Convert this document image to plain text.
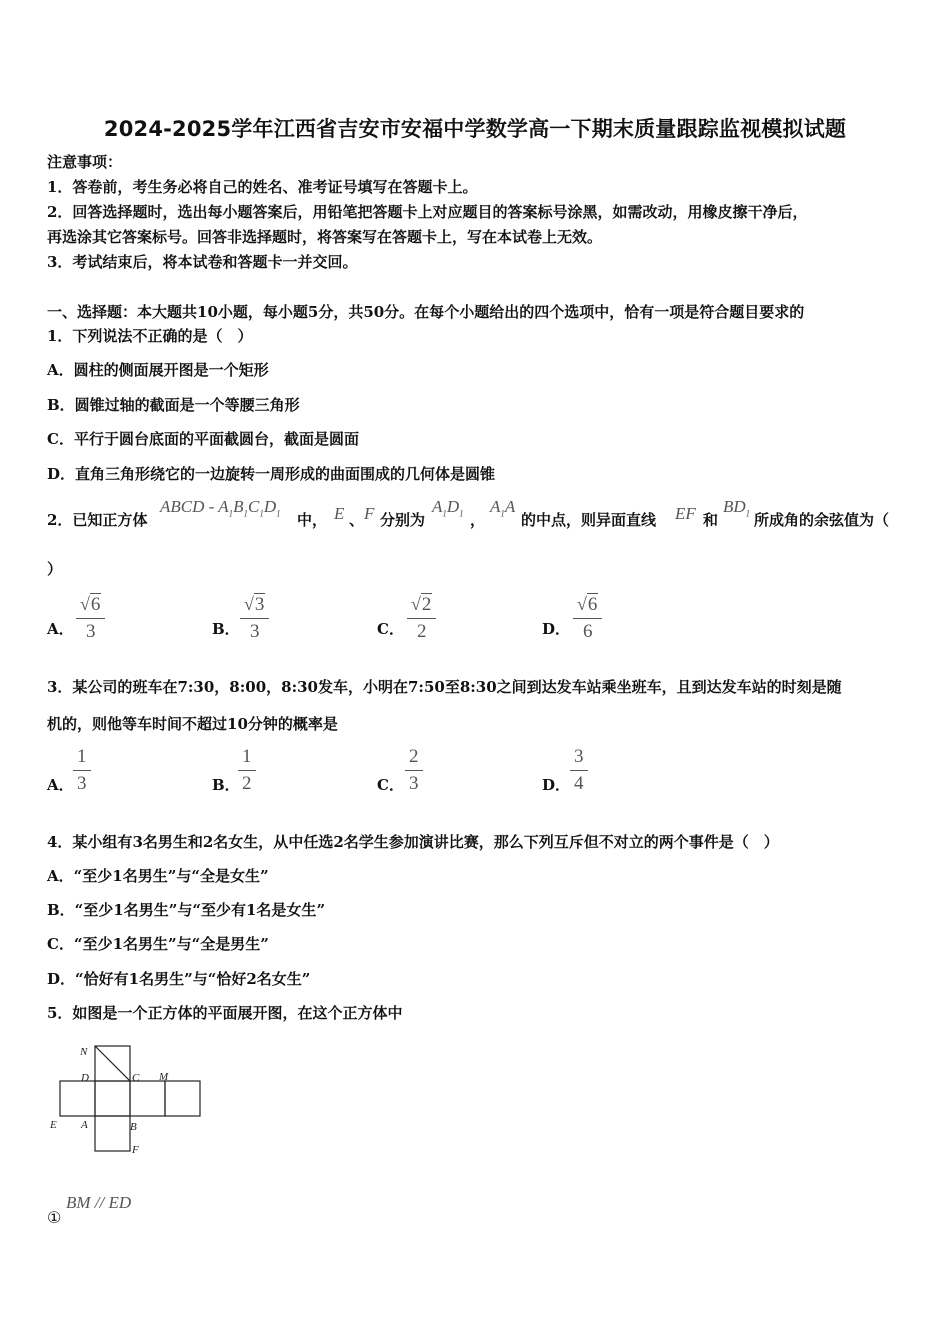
2024-2025学年江西省吉安市安福中学数学高一下期末质量跟踪监视模拟试题
注意事项：
1．答卷前，考生务必将自己的姓名、准考证号填写在答题卡上。
2．回答选择题时，选出每小题答案后，用铅笔把答题卡上对应题目的答案标号涂黑，如需改动，用橡皮擦干净后，
再选涂其它答案标号。回答非选择题时，将答案写在答题卡上，写在本试卷上无效。
3．考试结束后，将本试卷和答题卡一并交回。
一、选择题：本大题共10小题，每小题5分，共50分。在每个小题给出的四个选项中，恰有一项是符合题目要求的
1．下列说法不正确的是（　）
A．圆柱的侧面展开图是一个矩形
B．圆锥过轴的截面是一个等腰三角形
C．平行于圆台底面的平面截圆台，截面是圆面
D．直角三角形绕它的一边旋转一周形成的曲面围成的几何体是圆锥
2．已知正方体
ABCD - $A_1B_1C_1D_1$ 中， E 、 F 分别为
$A_1D_1$ ，
$A_1A$
的中点，则异面直线 EF 和
$BD_1$ 所成角的余弦值为（
）
A．
√6
3	B．
√3
3	C．
√2
2	D．
√6
6
3．某公司的班车在7:30，8:00，8:30发车，小明在7:50至8:30之间到达发车站乘坐班车，且到达发车站的时刻是随
机的，则他等车时间不超过10分钟的概率是
A．
1
3	B．
1
2	C．
2
3	D．
3
4
4．某小组有3名男生和2名女生，从中任选2名学生参加演讲比赛，那么下列互斥但不对立的两个事件是（　）
A．“至少1名男生”与“全是女生”
B．“至少1名男生”与“至少有1名是女生”
C．“至少1名男生”与“全是男生”
D．“恰好有1名男生”与“恰好2名女生”
5．如图是一个正方体的平面展开图，在这个正方体中
N
D	C M
E A	B
F
①
BM // ED
